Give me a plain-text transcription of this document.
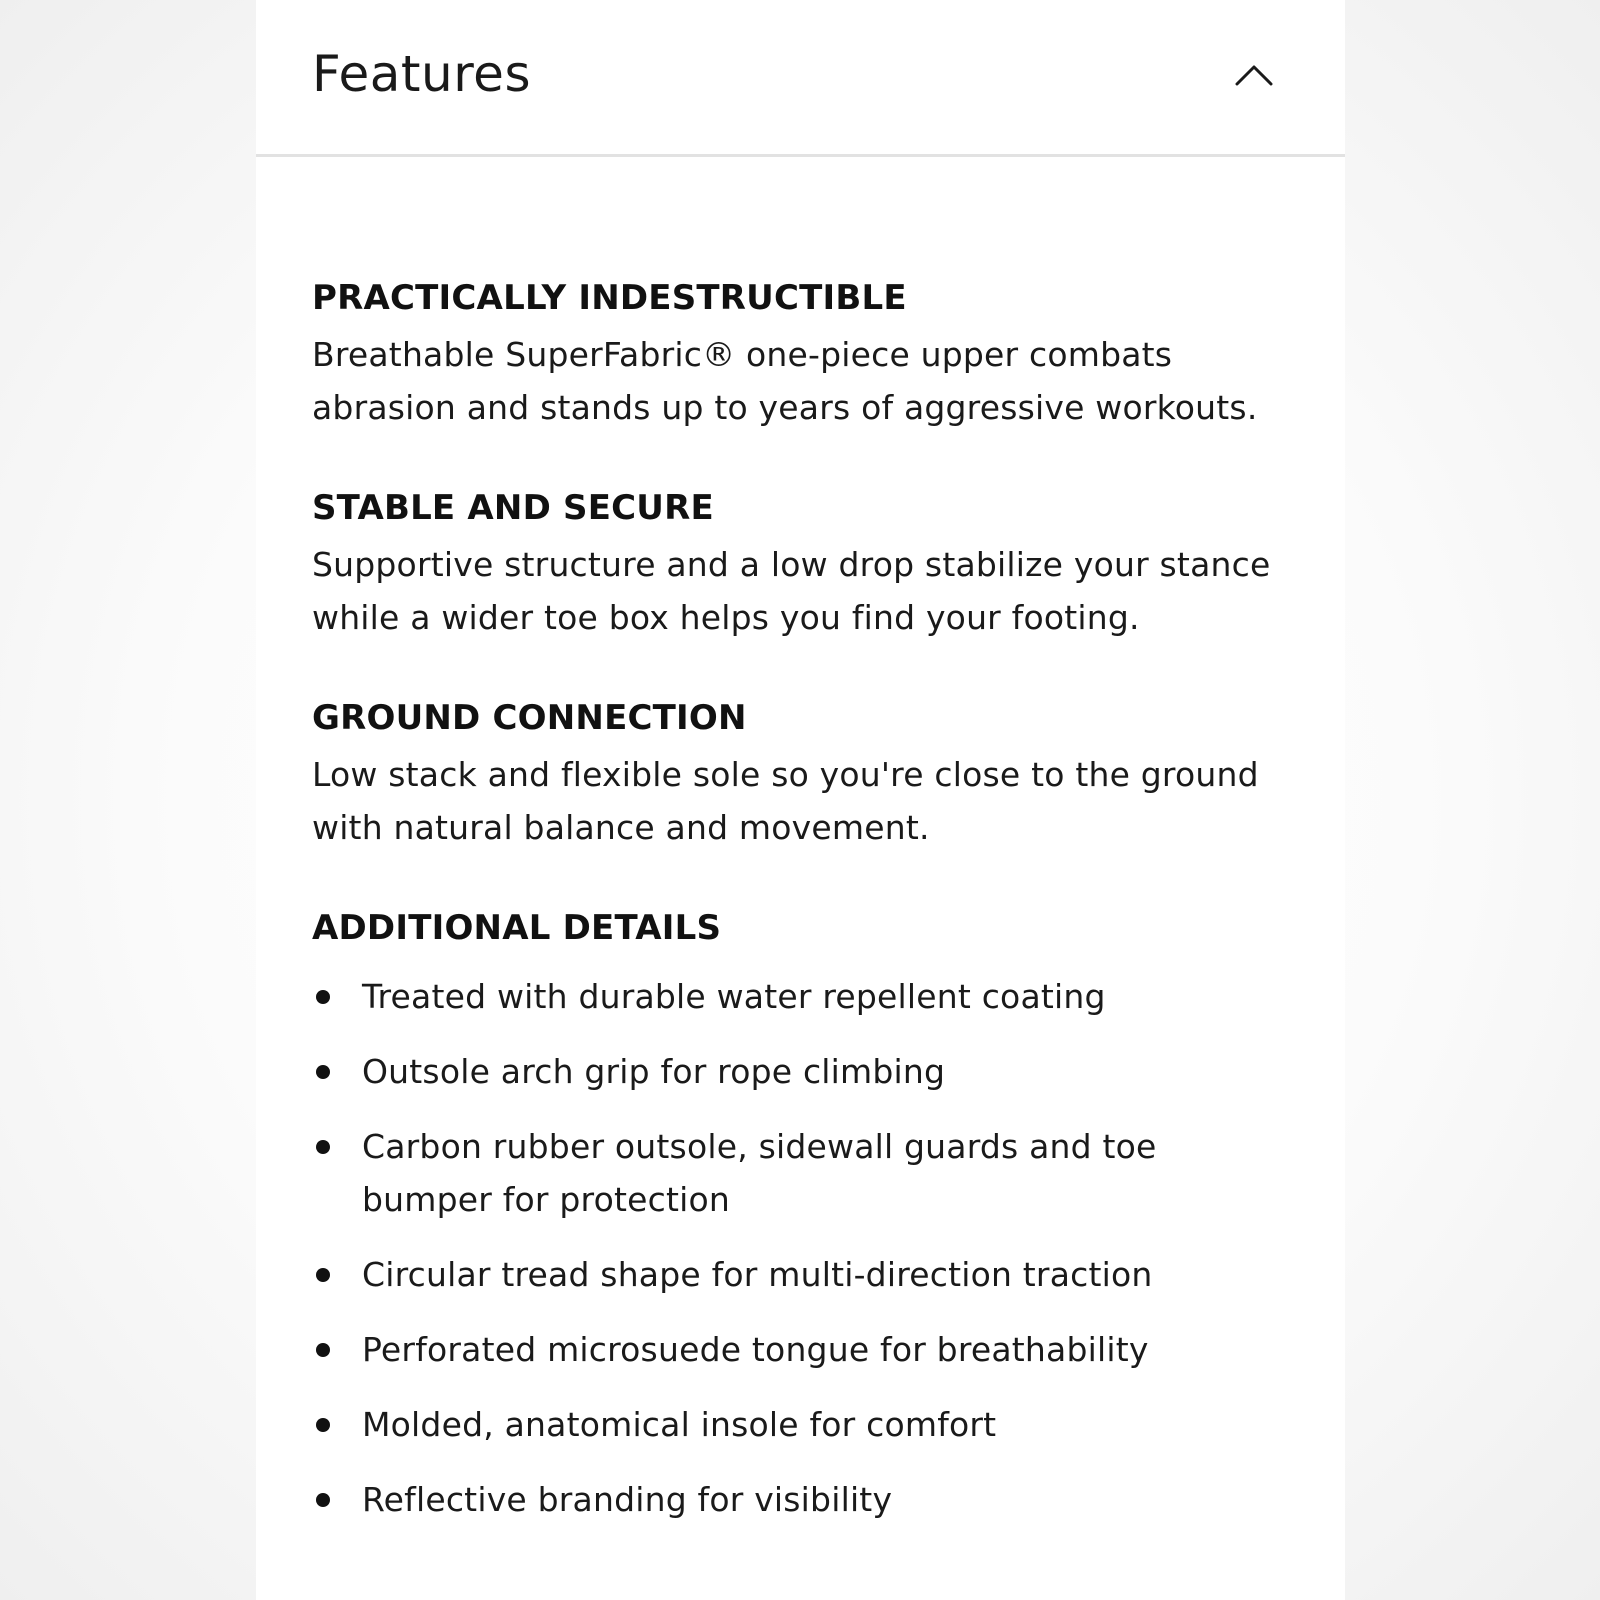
Features
PRACTICALLY INDESTRUCTIBLE

Breathable SuperFabric® one-piece upper combats abrasion and stands up to years of aggressive workouts.

STABLE AND SECURE

Supportive structure and a low drop stabilize your stance while a wider toe box helps you find your footing.

GROUND CONNECTION

Low stack and flexible sole so you're close to the ground with natural balance and movement.

ADDITIONAL DETAILS
Treated with durable water repellent coating
Outsole arch grip for rope climbing
Carbon rubber outsole, sidewall guards and toe bumper for protection
Circular tread shape for multi-direction traction
Perforated microsuede tongue for breathability
Molded, anatomical insole for comfort
Reflective branding for visibility
